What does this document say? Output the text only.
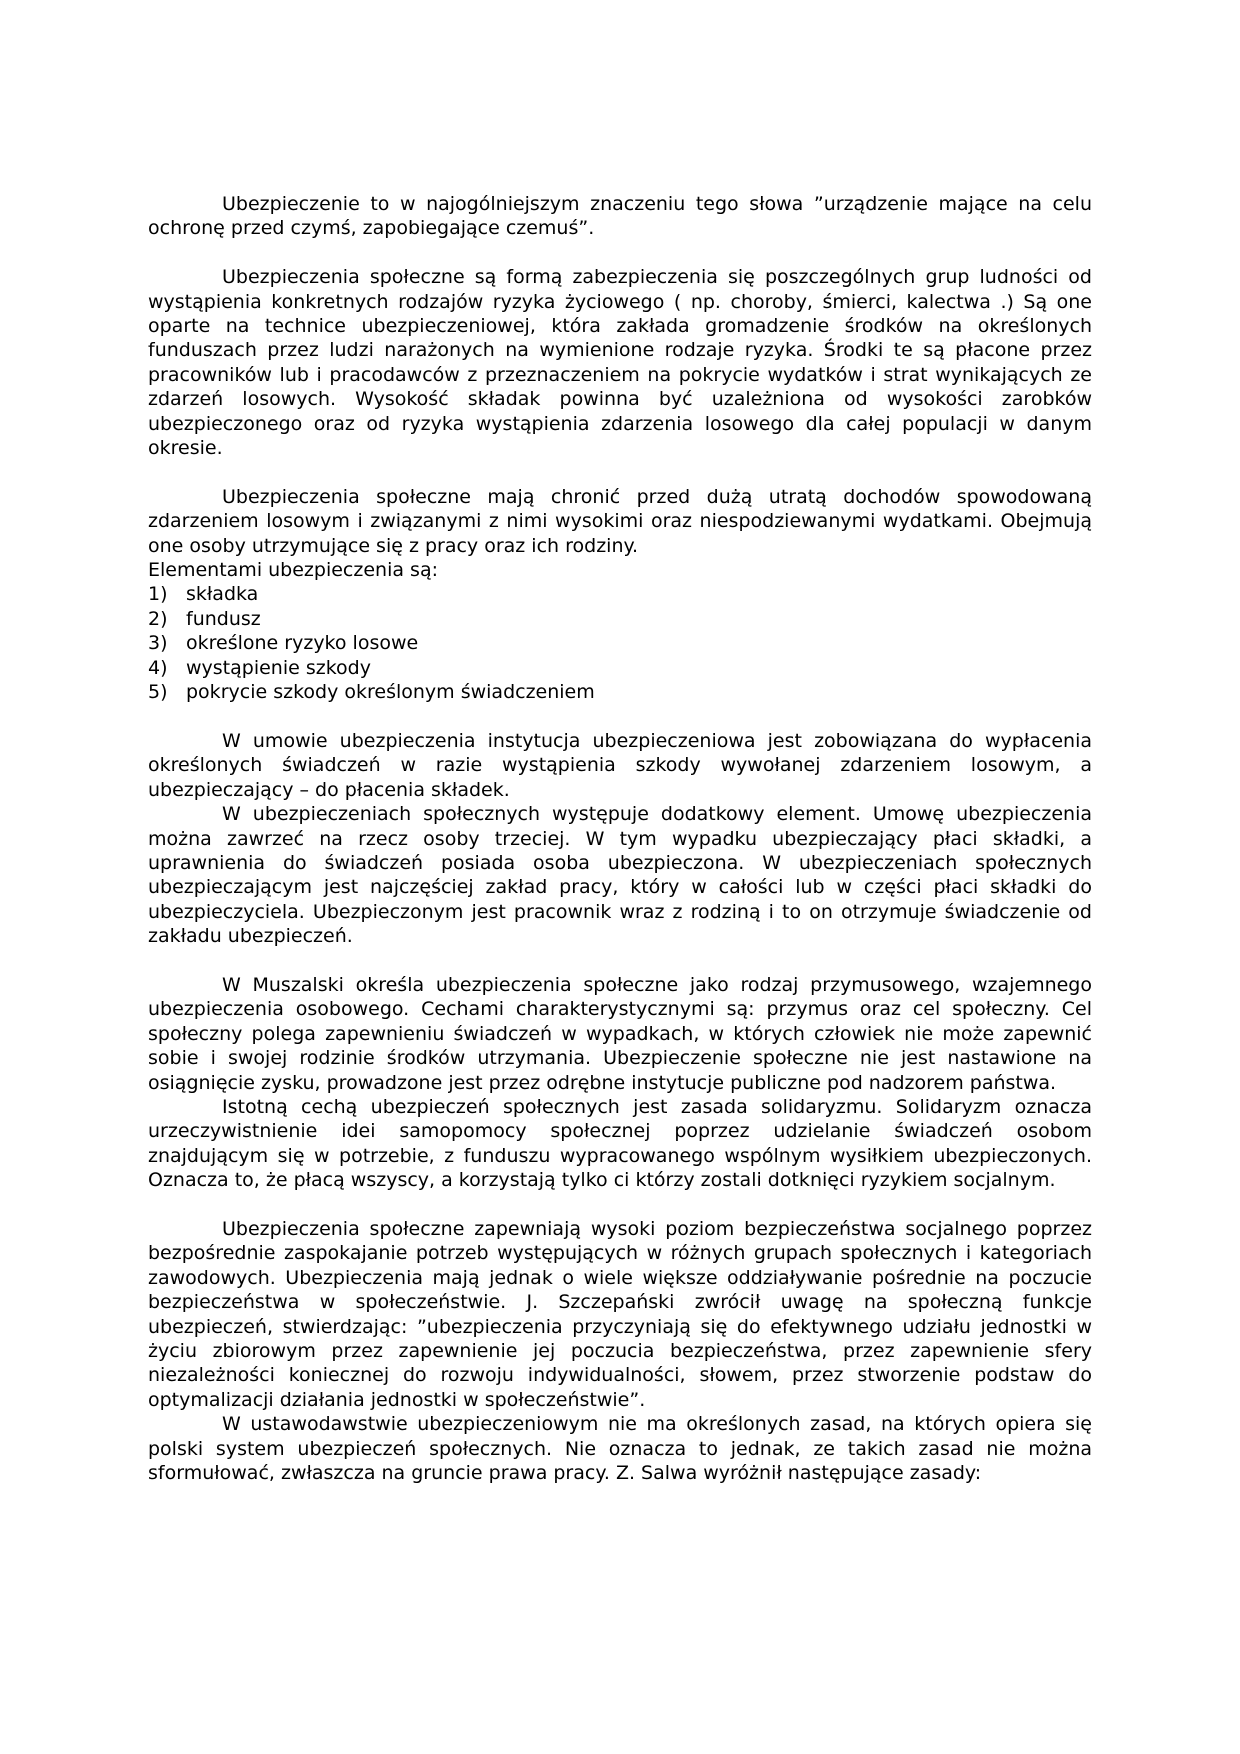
Ubezpieczenie to w najogólniejszym znaczeniu tego słowa ”urządzenie mające na celu ochronę przed czymś, zapobiegające czemuś”.

Ubezpieczenia społeczne są formą zabezpieczenia się poszczególnych grup ludności od wystąpienia konkretnych rodzajów ryzyka życiowego ( np. choroby, śmierci, kalectwa .) Są one oparte na technice ubezpieczeniowej, która zakłada gromadzenie środków na określonych funduszach przez ludzi narażonych na wymienione rodzaje ryzyka. Środki te są płacone przez pracowników lub i pracodawców z przeznaczeniem na pokrycie wydatków i strat wynikających ze zdarzeń losowych. Wysokość składak powinna być uzależniona od wysokości zarobków ubezpieczonego oraz od ryzyka wystąpienia zdarzenia losowego dla całej populacji w danym okresie.

Ubezpieczenia społeczne mają chronić przed dużą utratą dochodów spowodowaną zdarzeniem losowym i związanymi z nimi wysokimi oraz niespodziewanymi wydatkami. Obejmują one osoby utrzymujące się z pracy oraz ich rodziny.

Elementami ubezpieczenia są:

1) składka
2) fundusz
3) określone ryzyko losowe
4) wystąpienie szkody
5) pokrycie szkody określonym świadczeniem

W umowie ubezpieczenia instytucja ubezpieczeniowa jest zobowiązana do wypłacenia określonych świadczeń w razie wystąpienia szkody wywołanej zdarzeniem losowym, a ubezpieczający – do płacenia składek.

W ubezpieczeniach społecznych występuje dodatkowy element. Umowę ubezpieczenia można zawrzeć na rzecz osoby trzeciej. W tym wypadku ubezpieczający płaci składki, a uprawnienia do świadczeń posiada osoba ubezpieczona. W ubezpieczeniach społecznych ubezpieczającym jest najczęściej zakład pracy, który w całości lub w części płaci składki do ubezpieczyciela. Ubezpieczonym jest pracownik wraz z rodziną i to on otrzymuje świadczenie od zakładu ubezpieczeń.

W Muszalski określa ubezpieczenia społeczne jako rodzaj przymusowego, wzajemnego ubezpieczenia osobowego. Cechami charakterystycznymi są: przymus oraz cel społeczny. Cel społeczny polega zapewnieniu świadczeń w wypadkach, w których człowiek nie może zapewnić sobie i swojej rodzinie środków utrzymania. Ubezpieczenie społeczne nie jest nastawione na osiągnięcie zysku, prowadzone jest przez odrębne instytucje publiczne pod nadzorem państwa.

Istotną cechą ubezpieczeń społecznych jest zasada solidaryzmu. Solidaryzm oznacza urzeczywistnienie idei samopomocy społecznej poprzez udzielanie świadczeń osobom znajdującym się w potrzebie, z funduszu wypracowanego wspólnym wysiłkiem ubezpieczonych. Oznacza to, że płacą wszyscy, a korzystają tylko ci którzy zostali dotknięci ryzykiem socjalnym.

Ubezpieczenia społeczne zapewniają wysoki poziom bezpieczeństwa socjalnego poprzez bezpośrednie zaspokajanie potrzeb występujących w różnych grupach społecznych i kategoriach zawodowych. Ubezpieczenia mają jednak o wiele większe oddziaływanie pośrednie na poczucie bezpieczeństwa w społeczeństwie. J. Szczepański zwrócił uwagę na społeczną funkcje ubezpieczeń, stwierdzając: ”ubezpieczenia przyczyniają się do efektywnego udziału jednostki w życiu zbiorowym przez zapewnienie jej poczucia bezpieczeństwa, przez zapewnienie sfery niezależności koniecznej do rozwoju indywidualności, słowem, przez stworzenie podstaw do optymalizacji działania jednostki w społeczeństwie”.

W ustawodawstwie ubezpieczeniowym nie ma określonych zasad, na których opiera się polski system ubezpieczeń społecznych. Nie oznacza to jednak, ze takich zasad nie można sformułować, zwłaszcza na gruncie prawa pracy. Z. Salwa wyróżnił następujące zasady:
